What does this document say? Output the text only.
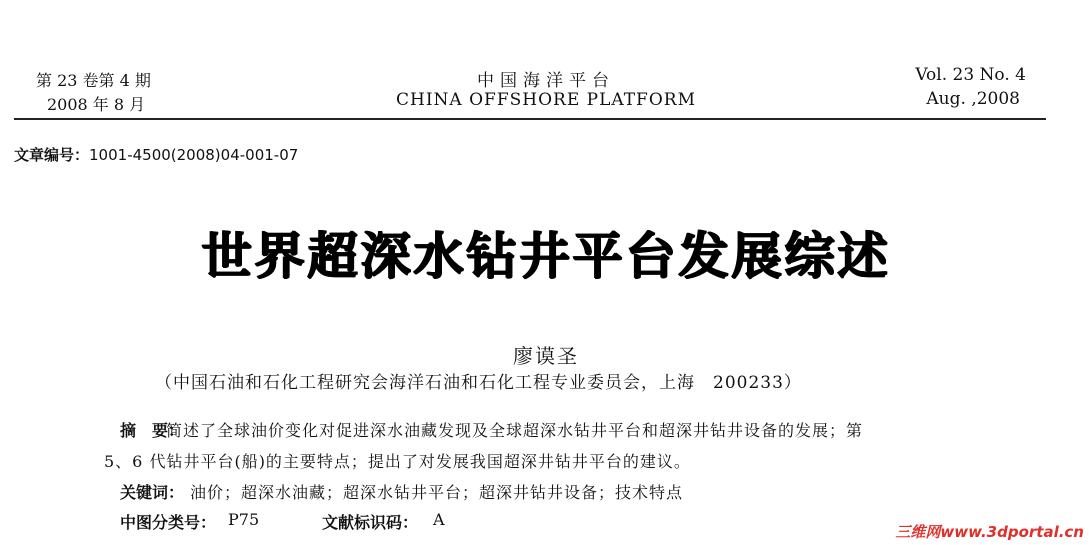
第 23 卷第 4 期
2008 年 8 月
中国海洋平台
CHINA OFFSHORE PLATFORM
Vol. 23 No. 4
Aug. ,2008
文章编号：1001-4500(2008)04-001-07
世界超深水钻井平台发展综述
廖谟圣
（中国石油和石化工程研究会海洋石油和石化工程专业委员会，上海　200233）
摘　要：
简述了全球油价变化对促进深水油藏发现及全球超深水钻井平台和超深井钻井设备的发展；第
5、6 代钻井平台(船)的主要特点；提出了对发展我国超深井钻井平台的建议。
关键词： 油价；超深水油藏；超深水钻井平台；超深井钻井设备；技术特点
中图分类号： P75	文献标识码： A
三维网www.3dportal.cn
